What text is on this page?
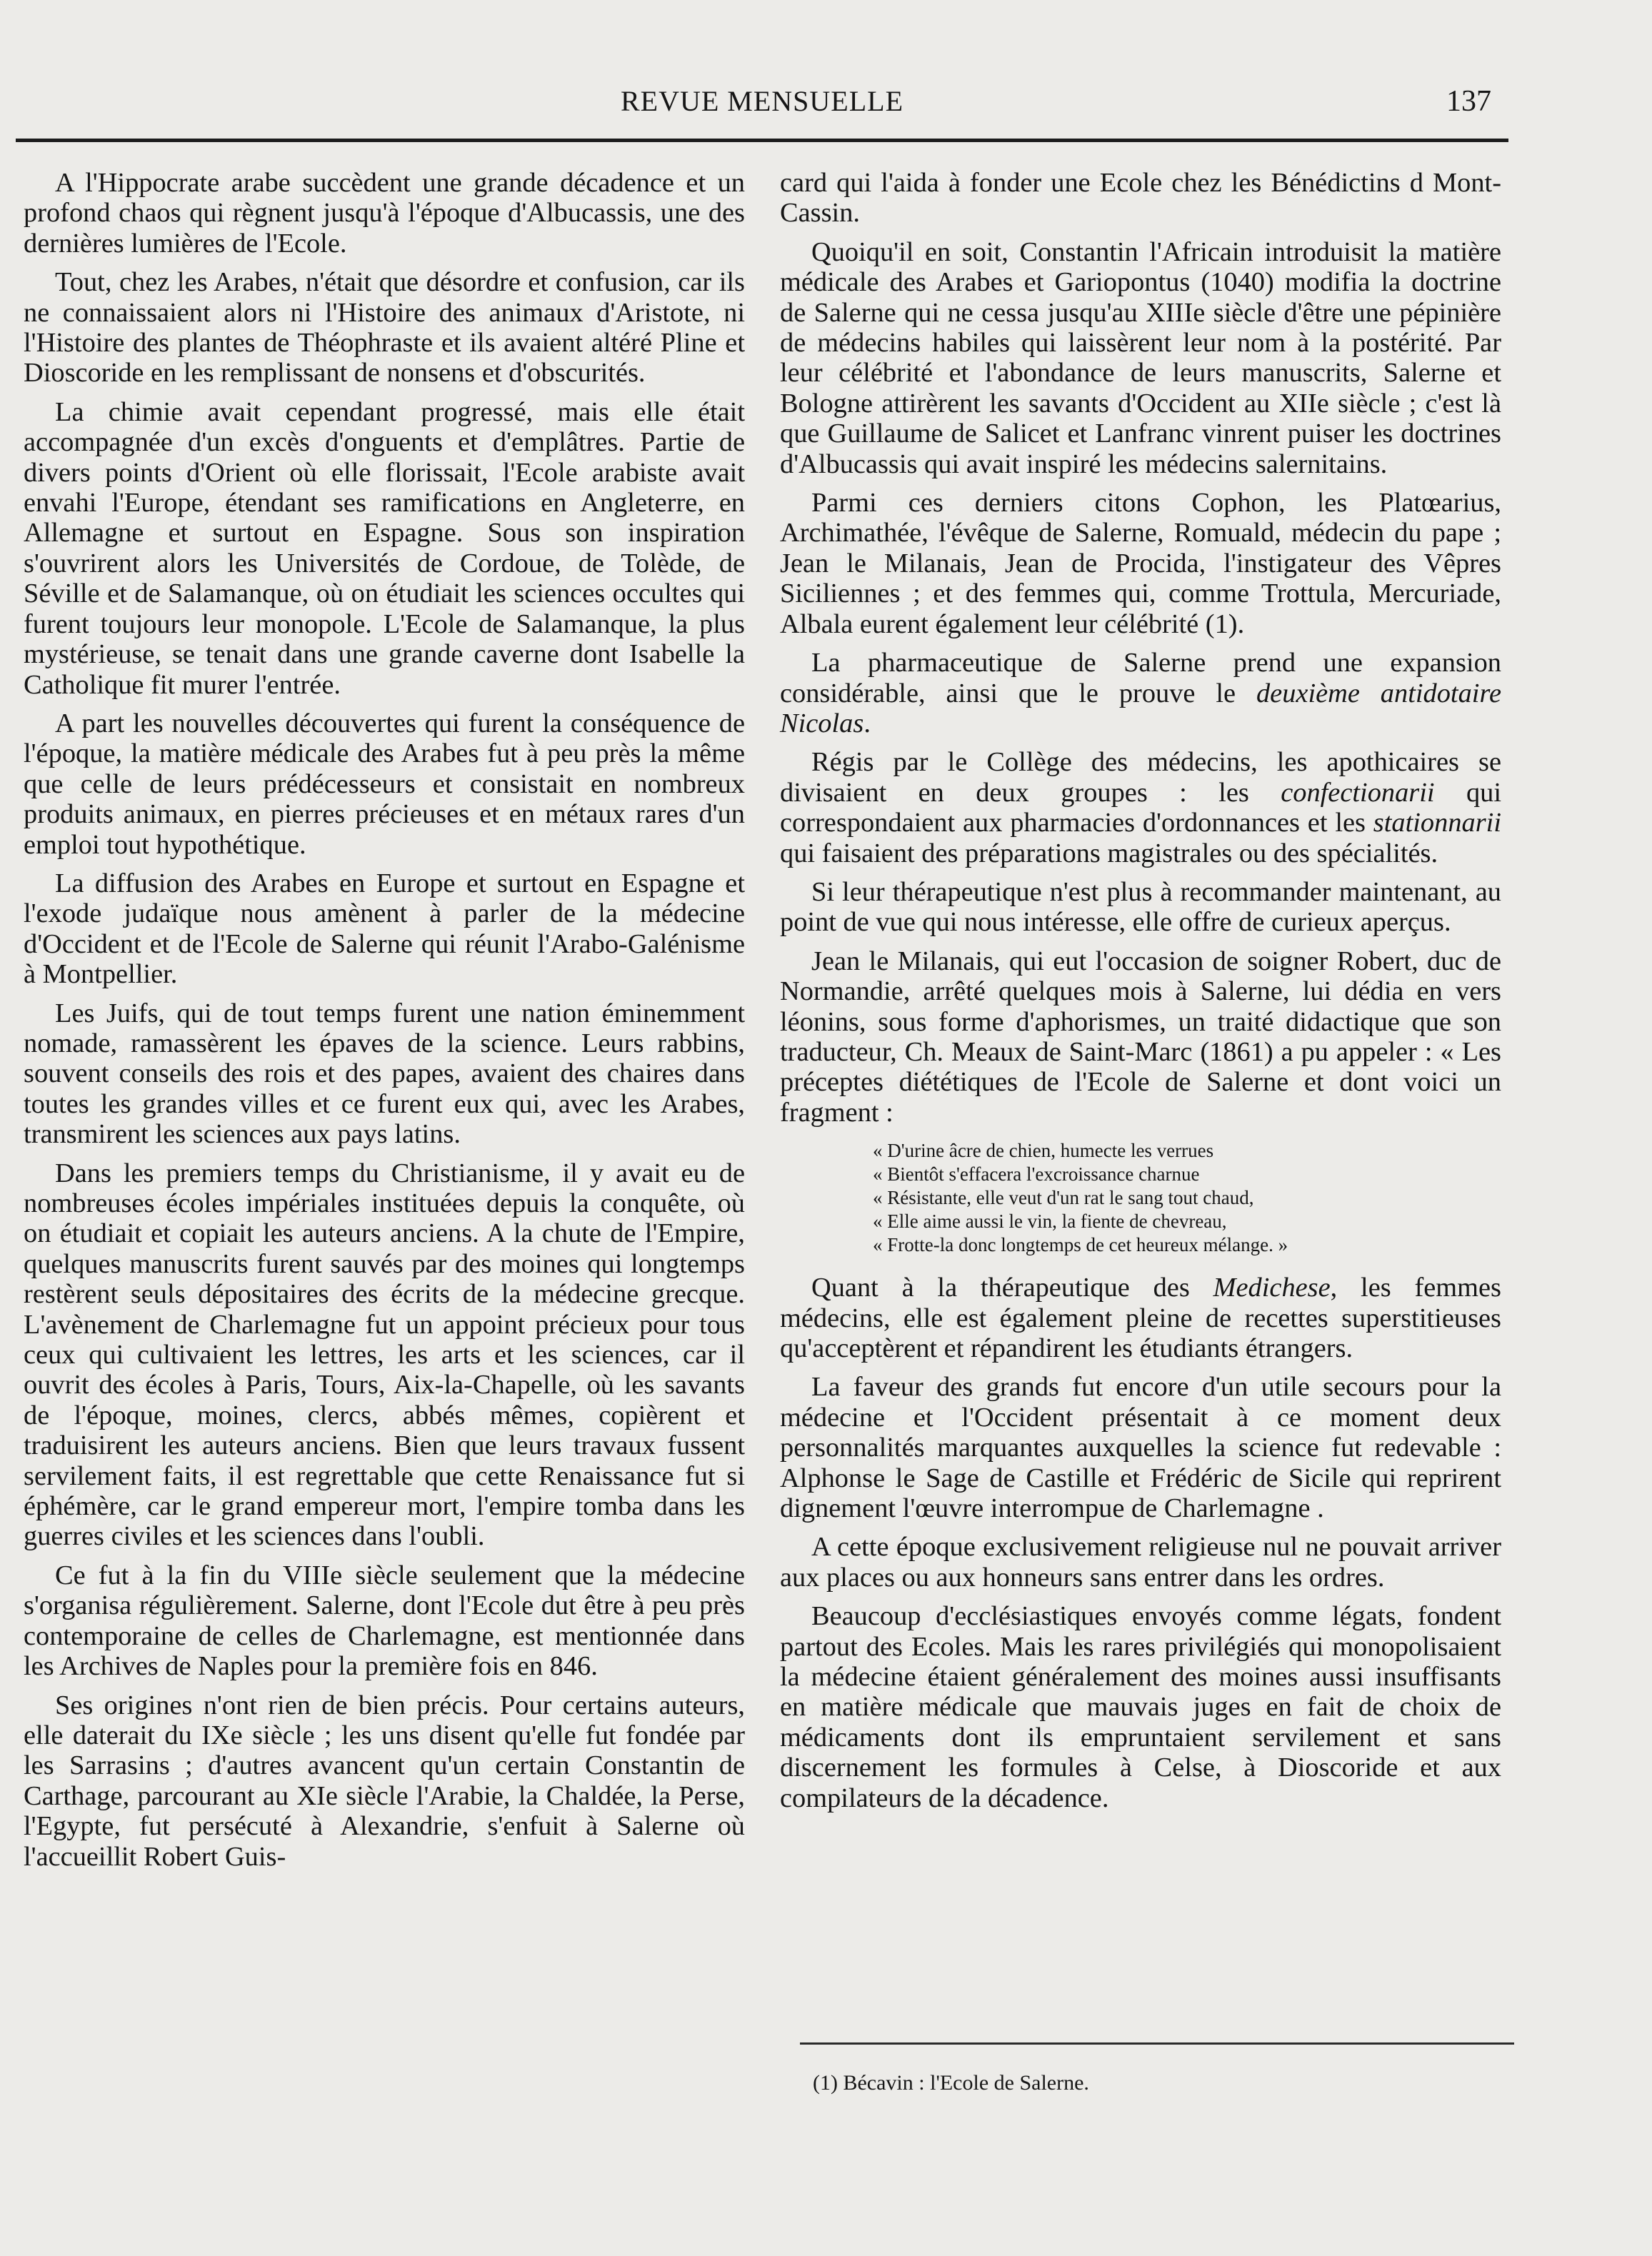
REVUE MENSUELLE	137

A l'Hippocrate arabe succèdent une grande décadence et un profond chaos qui règnent jusqu'à l'époque d'Albucassis, une des dernières lumières de l'Ecole.

Tout, chez les Arabes, n'était que désordre et confusion, car ils ne connaissaient alors ni l'Histoire des animaux d'Aristote, ni l'Histoire des plantes de Théophraste et ils avaient altéré Pline et Dioscoride en les remplissant de nonsens et d'obscurités.

La chimie avait cependant progressé, mais elle était accompagnée d'un excès d'onguents et d'emplâtres. Partie de divers points d'Orient où elle florissait, l'Ecole arabiste avait envahi l'Europe, étendant ses ramifications en Angleterre, en Allemagne et surtout en Espagne. Sous son inspiration s'ouvrirent alors les Universités de Cordoue, de Tolède, de Séville et de Salamanque, où on étudiait les sciences occultes qui furent toujours leur monopole. L'Ecole de Salamanque, la plus mystérieuse, se tenait dans une grande caverne dont Isabelle la Catholique fit murer l'entrée.

A part les nouvelles découvertes qui furent la conséquence de l'époque, la matière médicale des Arabes fut à peu près la même que celle de leurs prédécesseurs et consistait en nombreux produits animaux, en pierres précieuses et en métaux rares d'un emploi tout hypothétique.

La diffusion des Arabes en Europe et surtout en Espagne et l'exode judaïque nous amènent à parler de la médecine d'Occident et de l'Ecole de Salerne qui réunit l'Arabo-Galénisme à Montpellier.

Les Juifs, qui de tout temps furent une nation éminemment nomade, ramassèrent les épaves de la science. Leurs rabbins, souvent conseils des rois et des papes, avaient des chaires dans toutes les grandes villes et ce furent eux qui, avec les Arabes, transmirent les sciences aux pays latins.

Dans les premiers temps du Christianisme, il y avait eu de nombreuses écoles impériales instituées depuis la conquête, où on étudiait et copiait les auteurs anciens. A la chute de l'Empire, quelques manuscrits furent sauvés par des moines qui longtemps restèrent seuls dépositaires des écrits de la médecine grecque. L'avènement de Charlemagne fut un appoint précieux pour tous ceux qui cultivaient les lettres, les arts et les sciences, car il ouvrit des écoles à Paris, Tours, Aix-la-Chapelle, où les savants de l'époque, moines, clercs, abbés mêmes, copièrent et traduisirent les auteurs anciens. Bien que leurs travaux fussent servilement faits, il est regrettable que cette Renaissance fut si éphémère, car le grand empereur mort, l'empire tomba dans les guerres civiles et les sciences dans l'oubli.

Ce fut à la fin du VIIIe siècle seulement que la médecine s'organisa régulièrement. Salerne, dont l'Ecole dut être à peu près contemporaine de celles de Charlemagne, est mentionnée dans les Archives de Naples pour la première fois en 846.

Ses origines n'ont rien de bien précis. Pour certains auteurs, elle daterait du IXe siècle ; les uns disent qu'elle fut fondée par les Sarrasins ; d'autres avancent qu'un certain Constantin de Carthage, parcourant au XIe siècle l'Arabie, la Chaldée, la Perse, l'Egypte, fut persécuté à Alexandrie, s'enfuit à Salerne où l'accueillit Robert Guis-

card qui l'aida à fonder une Ecole chez les Bénédictins d Mont-Cassin.

Quoiqu'il en soit, Constantin l'Africain introduisit la matière médicale des Arabes et Gariopontus (1040) modifia la doctrine de Salerne qui ne cessa jusqu'au XIIIe siècle d'être une pépinière de médecins habiles qui laissèrent leur nom à la postérité. Par leur célébrité et l'abondance de leurs manuscrits, Salerne et Bologne attirèrent les savants d'Occident au XIIe siècle ; c'est là que Guillaume de Salicet et Lanfranc vinrent puiser les doctrines d'Albucassis qui avait inspiré les médecins salernitains.

Parmi ces derniers citons Cophon, les Platœarius, Archimathée, l'évêque de Salerne, Romuald, médecin du pape ; Jean le Milanais, Jean de Procida, l'instigateur des Vêpres Siciliennes ; et des femmes qui, comme Trottula, Mercuriade, Albala eurent également leur célébrité (1).

La pharmaceutique de Salerne prend une expansion considérable, ainsi que le prouve le deuxième antidotaire Nicolas.

Régis par le Collège des médecins, les apothicaires se divisaient en deux groupes : les confectionarii qui correspondaient aux pharmacies d'ordonnances et les stationnarii qui faisaient des préparations magistrales ou des spécialités.

Si leur thérapeutique n'est plus à recommander maintenant, au point de vue qui nous intéresse, elle offre de curieux aperçus.

Jean le Milanais, qui eut l'occasion de soigner Robert, duc de Normandie, arrêté quelques mois à Salerne, lui dédia en vers léonins, sous forme d'aphorismes, un traité didactique que son traducteur, Ch. Meaux de Saint-Marc (1861) a pu appeler : « Les préceptes diététiques de l'Ecole de Salerne et dont voici un fragment :

« D'urine âcre de chien, humecte les verrues
« Bientôt s'effacera l'excroissance charnue
« Résistante, elle veut d'un rat le sang tout chaud,
« Elle aime aussi le vin, la fiente de chevreau,
« Frotte-la donc longtemps de cet heureux mélange. »

Quant à la thérapeutique des Medichese, les femmes médecins, elle est également pleine de recettes superstitieuses qu'acceptèrent et répandirent les étudiants étrangers.

La faveur des grands fut encore d'un utile secours pour la médecine et l'Occident présentait à ce moment deux personnalités marquantes auxquelles la science fut redevable : Alphonse le Sage de Castille et Frédéric de Sicile qui reprirent dignement l'œuvre interrompue de Charlemagne .

A cette époque exclusivement religieuse nul ne pouvait arriver aux places ou aux honneurs sans entrer dans les ordres.

Beaucoup d'ecclésiastiques envoyés comme légats, fondent partout des Ecoles. Mais les rares privilégiés qui monopolisaient la médecine étaient généralement des moines aussi insuffisants en matière médicale que mauvais juges en fait de choix de médicaments dont ils empruntaient servilement et sans discernement les formules à Celse, à Dioscoride et aux compilateurs de la décadence.

(1) Bécavin : l'Ecole de Salerne.
